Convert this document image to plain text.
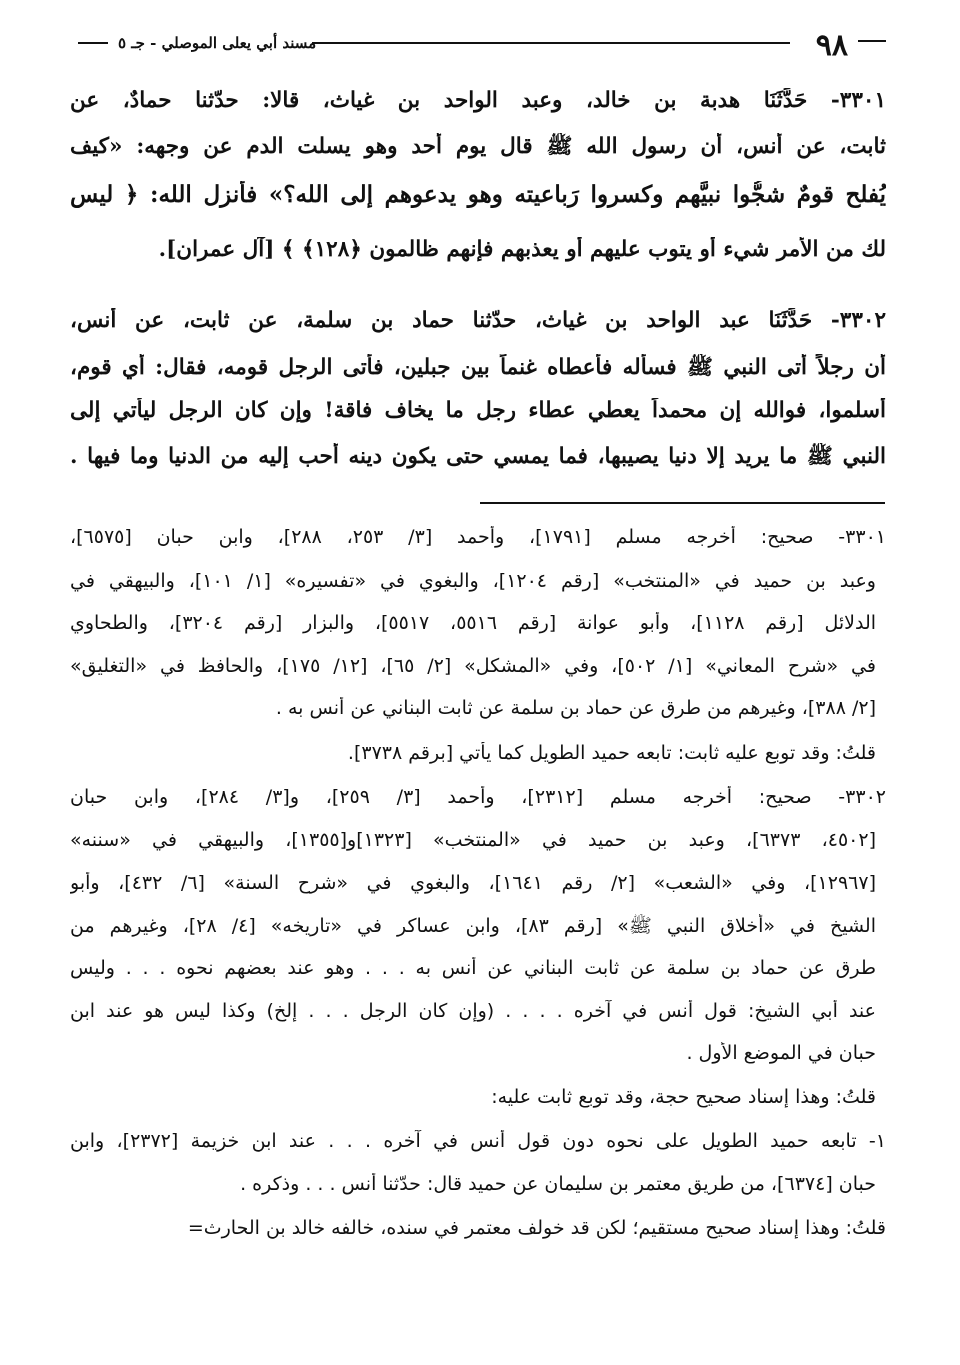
٩٨
مسند أبي يعلى الموصلي - جـ ٥
٣٣٠١- حَدَّثَنَا هدبة بن خالد، وعبد الواحد بن غياث، قالا: حدّثنا حمادٌ، عن
ثابت، عن أنس، أن رسول الله ﷺ قال يوم أحد وهو يسلت الدم عن وجهه: «كيف
يُفلح قومٌ شجُّوا نبيَّهم وكسروا رَباعيته وهو يدعوهم إلى الله؟» فأنزل الله: ﴿ ليس
لك من الأمر شيء أو يتوب عليهم أو يعذبهم فإنهم ظالمون ﴿١٢٨﴾ ﴾ [آل عمران].
٣٣٠٢- حَدَّثَنَا عبد الواحد بن غياث، حدّثنا حماد بن سلمة، عن ثابت، عن أنس،
أن رجلاً أتى النبي ﷺ فسأله فأعطاه غنماً بين جبلين، فأتى الرجل قومه، فقال: أي قوم،
أسلموا، فوالله إن محمداً يعطي عطاء رجل ما يخاف فاقة! وإن كان الرجل ليأتي إلى
النبي ﷺ ما يريد إلا دنيا يصيبها، فما يمسي حتى يكون دينه أحب إليه من الدنيا وما فيها .
٣٣٠١- صحيح: أخرجه مسلم [١٧٩١]، وأحمد [٣/ ٢٥٣، ٢٨٨]، وابن حبان [٦٥٧٥]،
وعبد بن حميد في «المنتخب» [رقم ١٢٠٤]، والبغوي في «تفسيره» [١/ ١٠١]، والبيهقي في
الدلائل [رقم ١١٢٨]، وأبو عوانة [رقم ٥٥١٦، ٥٥١٧]، والبزار [رقم ٣٢٠٤]، والطحاوي
في «شرح المعاني» [١/ ٥٠٢]، وفي «المشكل» [٢/ ٦٥]، [١٢/ ١٧٥]، والحافظ في «التغليق»
[٢/ ٣٨٨]، وغيرهم من طرق عن حماد بن سلمة عن ثابت البناني عن أنس به .
قلتُ: وقد توبع عليه ثابت: تابعه حميد الطويل كما يأتي [برقم ٣٧٣٨].
٣٣٠٢- صحيح: أخرجه مسلم [٢٣١٢]، وأحمد [٣/ ٢٥٩]، و[٣/ ٢٨٤]، وابن حبان
[٤٥٠٢، ٦٣٧٣]، وعبد بن حميد في «المنتخب» [١٣٢٣]و[١٣٥٥]، والبيهقي في «سننه»
[١٢٩٦٧]، وفي «الشعب» [٢/ رقم ١٦٤١]، والبغوي في «شرح السنة» [٦/ ٤٣٢]، وأبو
الشيخ في «أخلاق النبي ﷺ» [رقم ٨٣]، وابن عساكر في «تاريخه» [٤/ ٢٨]، وغيرهم من
طرق عن حماد بن سلمة عن ثابت البناني عن أنس به . . . وهو عند بعضهم نحوه . . . وليس
عند أبي الشيخ: قول أنس في آخره . . . . (وإن كان الرجل . . . إلخ) وكذا ليس هو عند ابن
حبان في الموضع الأول .
قلتُ: وهذا إسناد صحيح حجة، وقد توبع ثابت عليه:
١- تابعه حميد الطويل على نحوه دون قول أنس في آخره . . . عند ابن خزيمة [٢٣٧٢]، وابن
حبان [٦٣٧٤]، من طريق معتمر بن سليمان عن حميد قال: حدّثنا أنس . . . وذكره .
قلتُ: وهذا إسناد صحيح مستقيم؛ لكن قد خولف معتمر في سنده، خالفه خالد بن الحارث=
